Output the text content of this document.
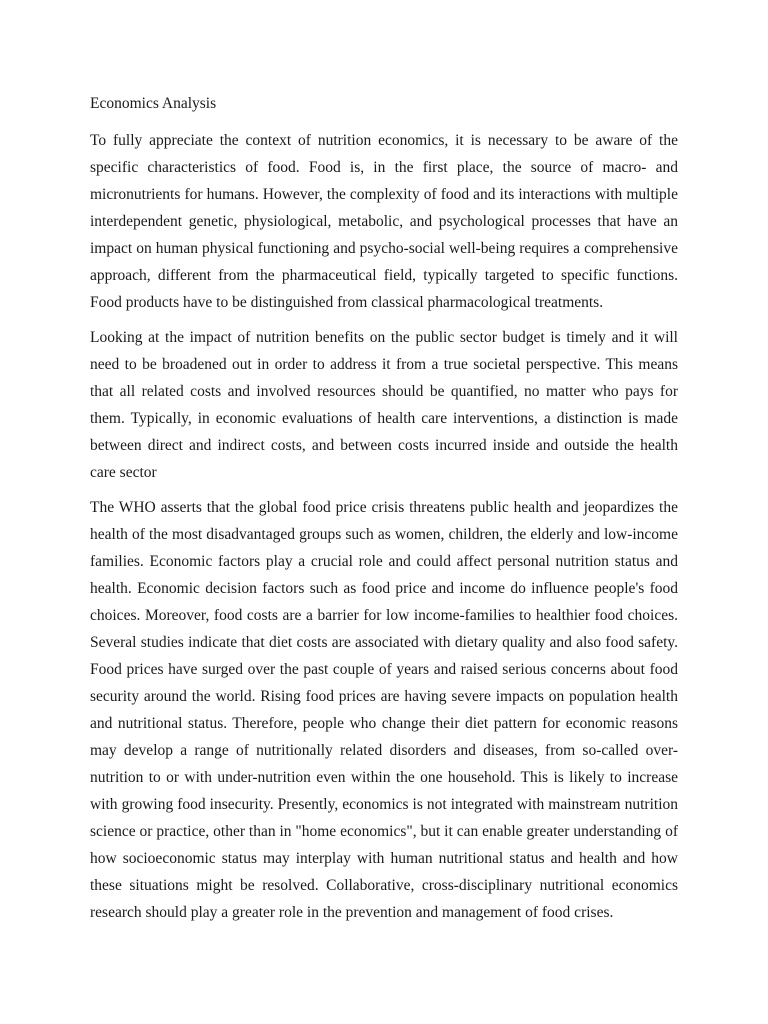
Economics Analysis

To fully appreciate the context of nutrition economics, it is necessary to be aware of the specific characteristics of food. Food is, in the first place, the source of macro- and micronutrients for humans. However, the complexity of food and its interactions with multiple interdependent genetic, physiological, metabolic, and psychological processes that have an impact on human physical functioning and psycho-social well-being requires a comprehensive approach, different from the pharmaceutical field, typically targeted to specific functions. Food products have to be distinguished from classical pharmacological treatments.

Looking at the impact of nutrition benefits on the public sector budget is timely and it will need to be broadened out in order to address it from a true societal perspective. This means that all related costs and involved resources should be quantified, no matter who pays for them. Typically, in economic evaluations of health care interventions, a distinction is made between direct and indirect costs, and between costs incurred inside and outside the health care sector

The WHO asserts that the global food price crisis threatens public health and jeopardizes the health of the most disadvantaged groups such as women, children, the elderly and low-income families. Economic factors play a crucial role and could affect personal nutrition status and health. Economic decision factors such as food price and income do influence people's food choices. Moreover, food costs are a barrier for low income-families to healthier food choices. Several studies indicate that diet costs are associated with dietary quality and also food safety. Food prices have surged over the past couple of years and raised serious concerns about food security around the world. Rising food prices are having severe impacts on population health and nutritional status. Therefore, people who change their diet pattern for economic reasons may develop a range of nutritionally related disorders and diseases, from so-called over-nutrition to or with under-nutrition even within the one household. This is likely to increase with growing food insecurity. Presently, economics is not integrated with mainstream nutrition science or practice, other than in "home economics", but it can enable greater understanding of how socioeconomic status may interplay with human nutritional status and health and how these situations might be resolved. Collaborative, cross-disciplinary nutritional economics research should play a greater role in the prevention and management of food crises.
